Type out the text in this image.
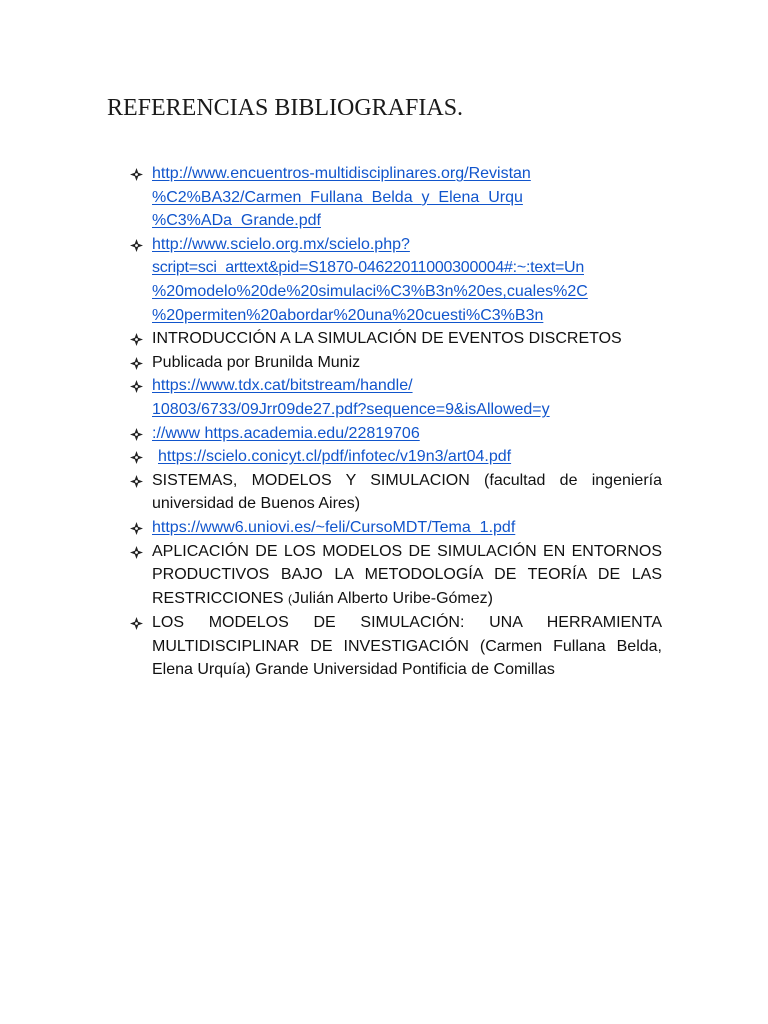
REFERENCIAS BIBLIOGRAFIAS.
http://www.encuentros-multidisciplinares.org/Revistan
%C2%BA32/Carmen_Fullana_Belda_y_Elena_Urqu
%C3%ADa_Grande.pdf
http://www.scielo.org.mx/scielo.php?
script=sci_arttext&pid=S1870-04622011000300004#:~:text=Un
%20modelo%20de%20simulaci%C3%B3n%20es,cuales%2C
%20permiten%20abordar%20una%20cuesti%C3%B3n
INTRODUCCIÓN A LA SIMULACIÓN DE EVENTOS DISCRETOS
Publicada por Brunilda Muniz
https://www.tdx.cat/bitstream/handle/
10803/6733/09Jrr09de27.pdf?sequence=9&isAllowed=y
://www https.academia.edu/22819706
https://scielo.conicyt.cl/pdf/infotec/v19n3/art04.pdf
SISTEMAS, MODELOS Y SIMULACION (facultad de ingeniería universidad de Buenos Aires)
https://www6.uniovi.es/~feli/CursoMDT/Tema_1.pdf
APLICACIÓN DE LOS MODELOS DE SIMULACIÓN EN ENTORNOS PRODUCTIVOS BAJO LA METODOLOGÍA DE TEORÍA DE LAS RESTRICCIONES (Julián Alberto Uribe-Gómez)
LOS MODELOS DE SIMULACIÓN: UNA HERRAMIENTA MULTIDISCIPLINAR DE INVESTIGACIÓN (Carmen Fullana Belda,
Elena Urquía) Grande Universidad Pontificia de Comillas
